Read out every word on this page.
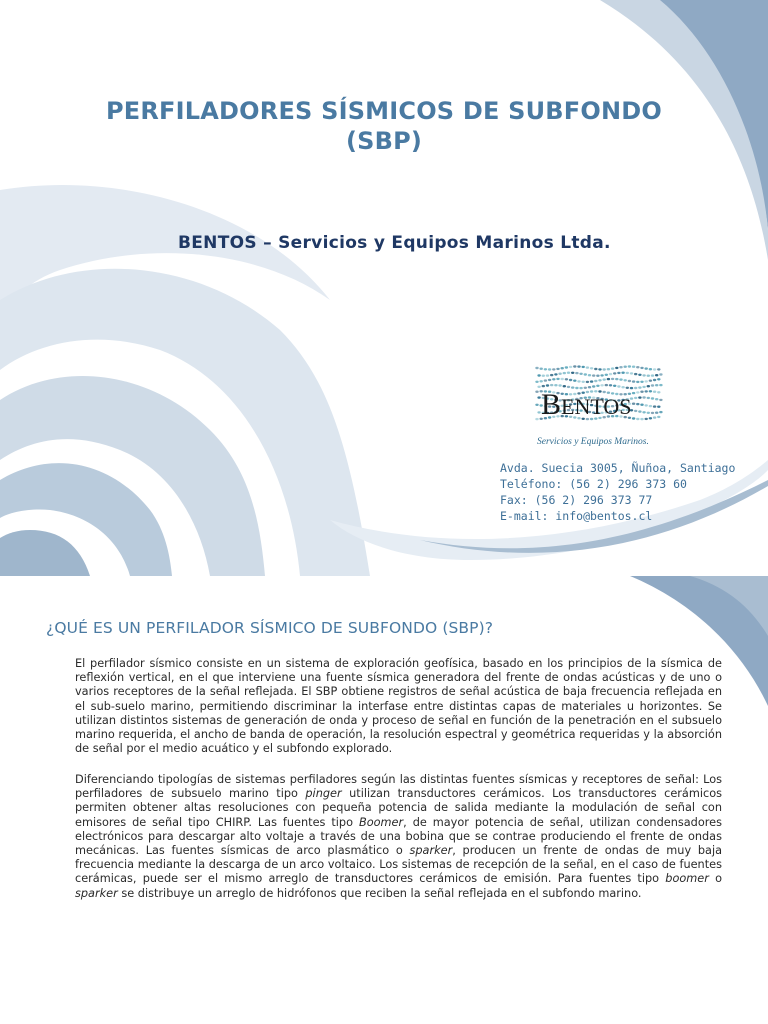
PERFILADORES SÍSMICOS DE SUBFONDO
(SBP)
BENTOS – Servicios y Equipos Marinos Ltda.
B ENTOS
Servicios y Equipos Marinos.
Avda. Suecia 3005, Ñuñoa, Santiago
Teléfono: (56 2) 296 373 60
Fax: (56 2) 296 373 77
E-mail: info@bentos.cl
¿QUÉ ES UN PERFILADOR SÍSMICO DE SUBFONDO (SBP)?

El perfilador sísmico consiste en un sistema de exploración geofísica, basado en los principios de la sísmica de reflexión vertical, en el que interviene una fuente sísmica generadora del frente de ondas acústicas y de uno o varios receptores de la señal reflejada. El SBP obtiene registros de señal acústica de baja frecuencia reflejada en el sub-suelo marino, permitiendo discriminar la interfase entre distintas capas de materiales u horizontes. Se utilizan distintos sistemas de generación de onda y proceso de señal en función de la penetración en el subsuelo marino requerida, el ancho de banda de operación, la resolución espectral y geométrica requeridas y la absorción de señal por el medio acuático y el subfondo explorado.

Diferenciando tipologías de sistemas perfiladores según las distintas fuentes sísmicas y receptores de señal: Los perfiladores de subsuelo marino tipo pinger utilizan transductores cerámicos. Los transductores cerámicos permiten obtener altas resoluciones con pequeña potencia de salida mediante la modulación de señal con emisores de señal tipo CHIRP. Las fuentes tipo Boomer, de mayor potencia de señal, utilizan condensadores electrónicos para descargar alto voltaje a través de una bobina que se contrae produciendo el frente de ondas mecánicas. Las fuentes sísmicas de arco plasmático o sparker, producen un frente de ondas de muy baja frecuencia mediante la descarga de un arco voltaico. Los sistemas de recepción de la señal, en el caso de fuentes cerámicas, puede ser el mismo arreglo de transductores cerámicos de emisión. Para fuentes tipo boomer o sparker se distribuye un arreglo de hidrófonos que reciben la señal reflejada en el subfondo marino.
